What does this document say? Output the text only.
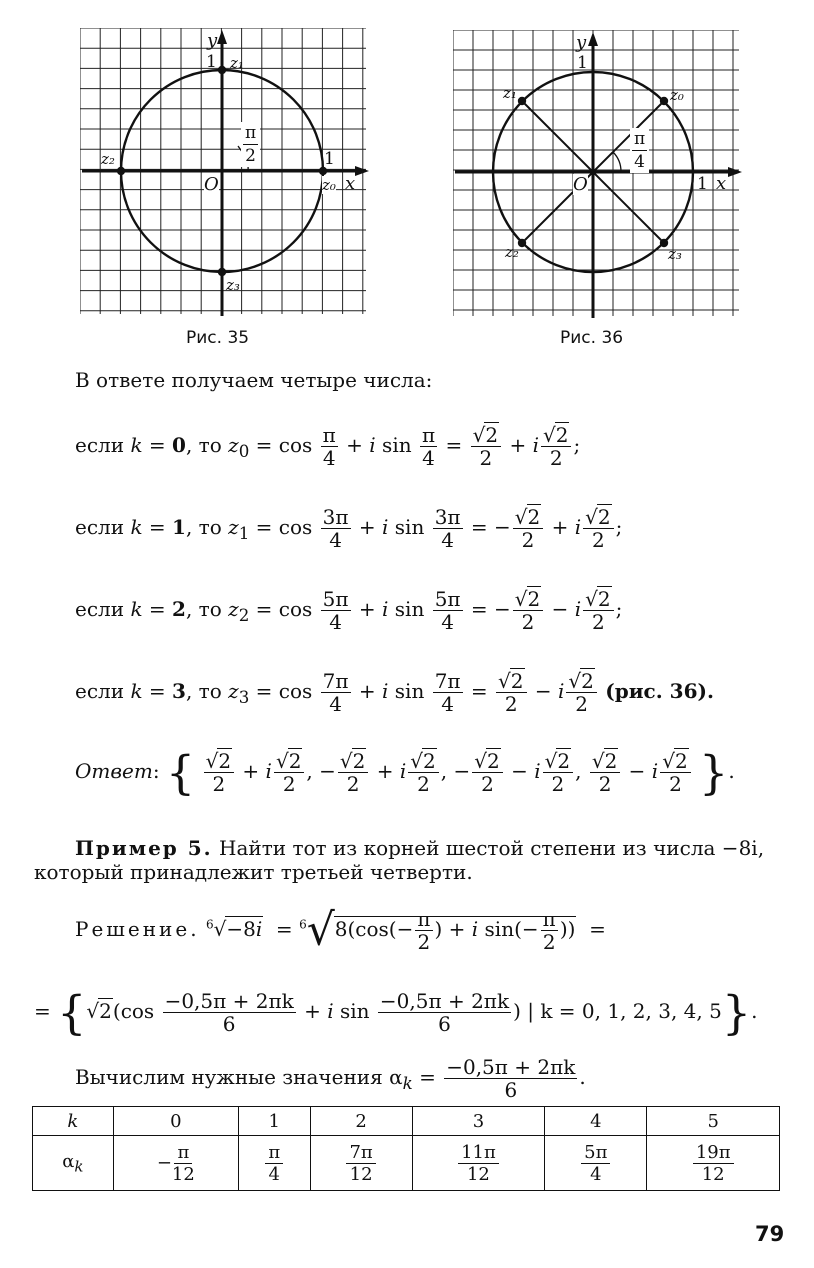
y
1 z₁
z₂	1
z₀ x
O
z₃
$\frac{\pi}{2}$
Рис. 35
y
1
z₀
z₁
z₂	z₃
1 x
O
$\frac{\pi}{4}$
Рис. 36
В ответе получаем четыре числа:
если k = 0, то $z_0 = \cos \frac{\pi}{4} + i$ $\sin \frac{\pi}{4} = \frac{√2}{2} + i \frac{√2}{2}$ ;
если k = 1, то $z_1 = \cos \frac{3\pi}{4} + i$ $\sin \frac{3\pi}{4}$ = − $\frac{√2}{2} + i \frac{√2}{2}$ ;
если k = 2, то $z_2 = \cos \frac{5\pi}{4} + i$ $\sin \frac{5\pi}{4}$ = − $\frac{√2}{2} - i \frac{√2}{2}$ ;
если k = 3, то $z_3 = \cos \frac{7\pi}{4} + i$ $\sin \frac{7\pi}{4} = \frac{√2}{2} - i \frac{√2}{2} (рис$. 36).
Ответ: { $\frac{√2}{2} + i \frac{√2}{2}$ , − $\frac{√2}{2} + i \frac{√2}{2}$ , − $\frac{√2}{2} - i \frac{√2}{2}$ , $\frac{√2}{2} - i \frac{√2}{2}$ }.
Пример 5. Найти тот из корней шестой степени из числа −8i,
который принадлежит третьей четверти.
Решение. $^6√-8i = ^6√8(\cos(- \frac{\pi}{2}$ ) + i $\sin(- \frac{\pi}{2}$ ))  =
= {$√2(\cos \frac{-0,5\pi + 2\pi k}{6} + i$ $\sin \frac{-0,5\pi + 2\pi k}{6}$ ) | k = 0, 1, 2, 3, 4, 5}.
Вычислим нужные значения $\alpha_k = \frac{-0,5\pi + 2\pi k}{6}$ .
k	0	1	2	3	4	5
$\alpha_k$	− $\frac{\pi}{12}$	$\frac{\pi}{4}$	$\frac{7\pi}{12}$	$\frac{11\pi}{12}$	$\frac{5\pi}{4}$	$\frac{19\pi}{12}$
79
